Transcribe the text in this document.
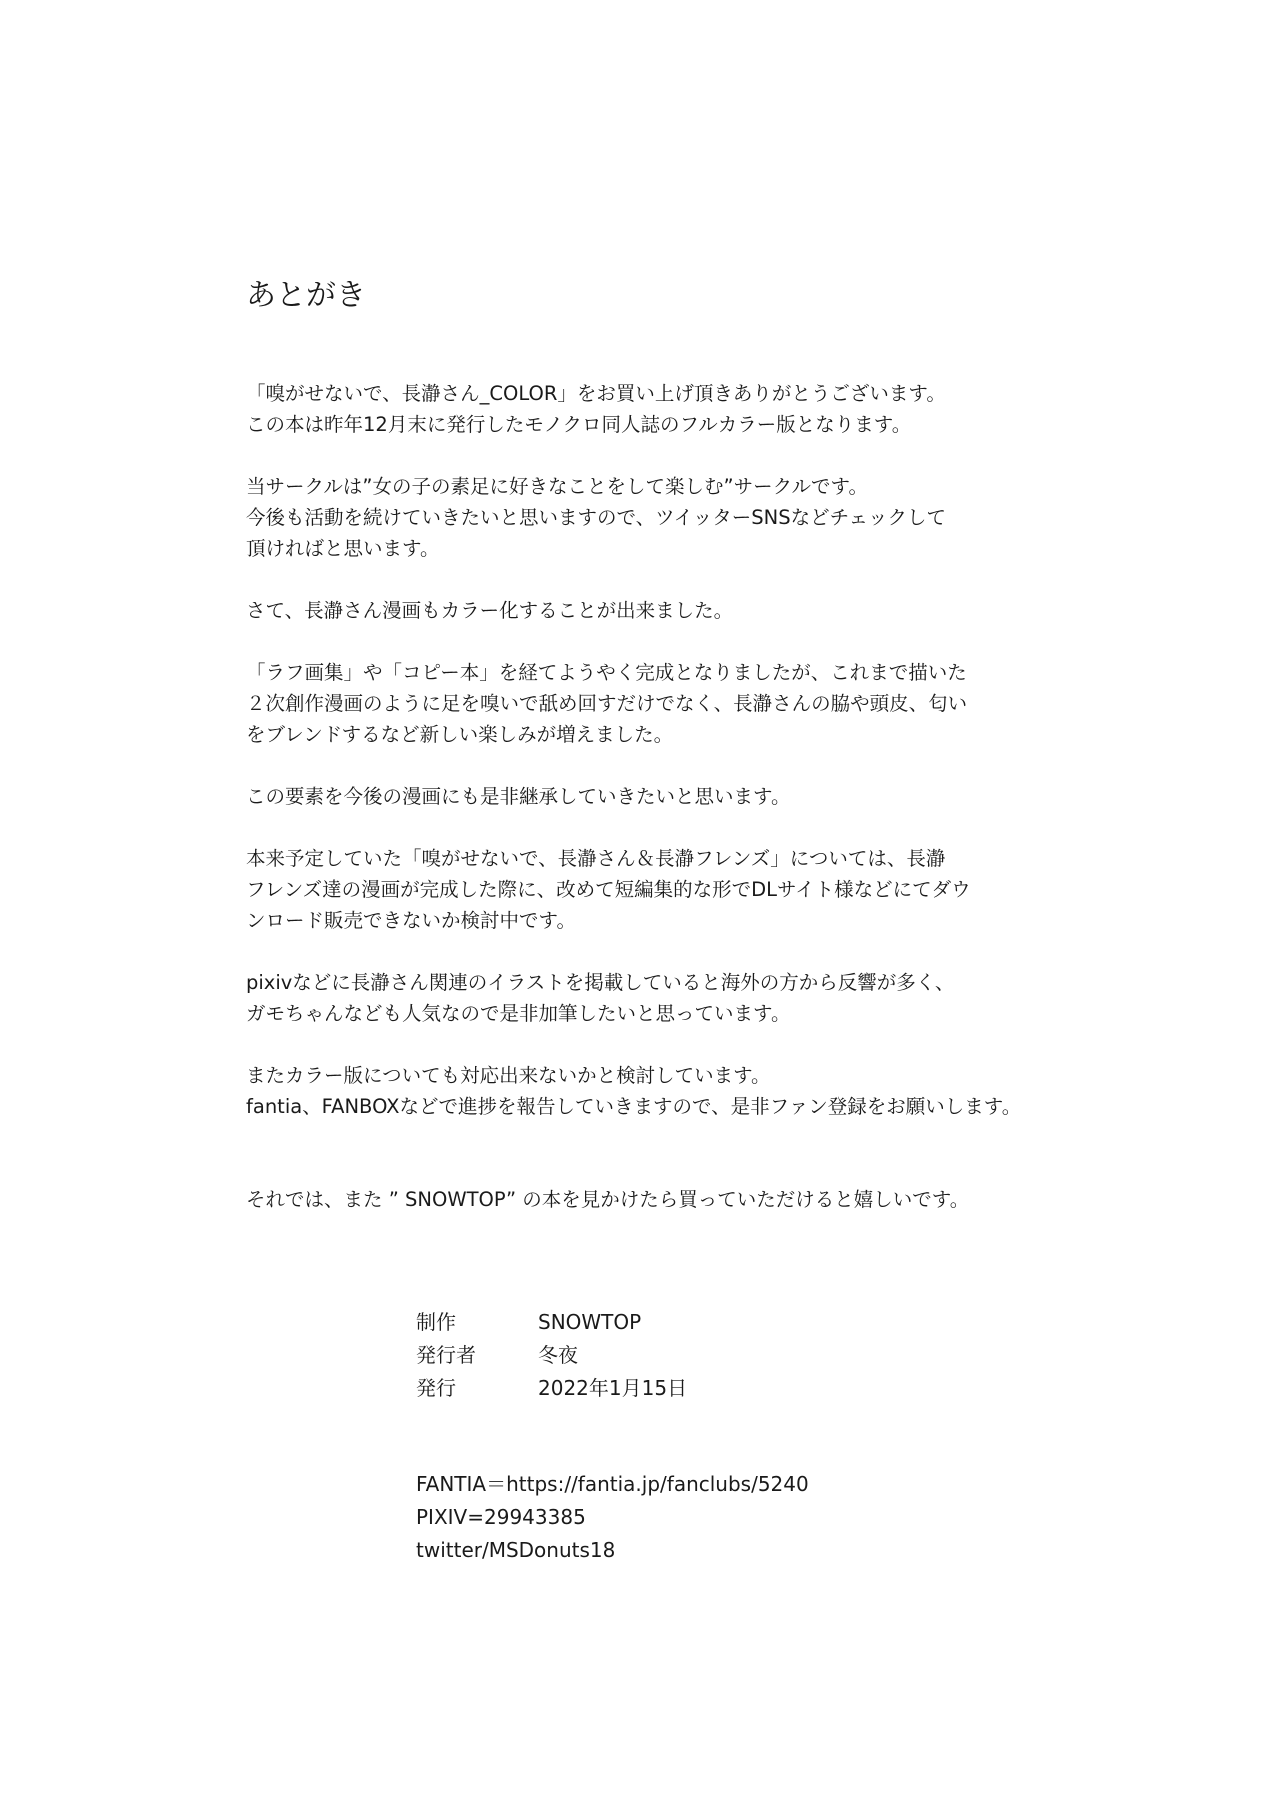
あとがき
「嗅がせないで、長瀞さん_COLOR」をお買い上げ頂きありがとうございます。
この本は昨年12月末に発行したモノクロ同人誌のフルカラー版となります。
当サークルは”女の子の素足に好きなことをして楽しむ”サークルです。
今後も活動を続けていきたいと思いますので、ツイッターSNSなどチェックして
頂ければと思います。
さて、長瀞さん漫画もカラー化することが出来ました。
「ラフ画集」や「コピー本」を経てようやく完成となりましたが、これまで描いた
２次創作漫画のように足を嗅いで舐め回すだけでなく、長瀞さんの脇や頭皮、匂い
をブレンドするなど新しい楽しみが増えました。
この要素を今後の漫画にも是非継承していきたいと思います。
本来予定していた「嗅がせないで、長瀞さん＆長瀞フレンズ」については、長瀞
フレンズ達の漫画が完成した際に、改めて短編集的な形でDLサイト様などにてダウ
ンロード販売できないか検討中です。
pixivなどに長瀞さん関連のイラストを掲載していると海外の方から反響が多く、
ガモちゃんなども人気なので是非加筆したいと思っています。
またカラー版についても対応出来ないかと検討しています。
fantia、FANBOXなどで進捗を報告していきますので、是非ファン登録をお願いします。
それでは、また ” SNOWTOP” の本を見かけたら買っていただけると嬉しいです。
制作	SNOWTOP
発行者	冬夜
発行	2022年1月15日
FANTIA＝https://fantia.jp/fanclubs/5240
PIXIV=29943385
twitter/MSDonuts18
